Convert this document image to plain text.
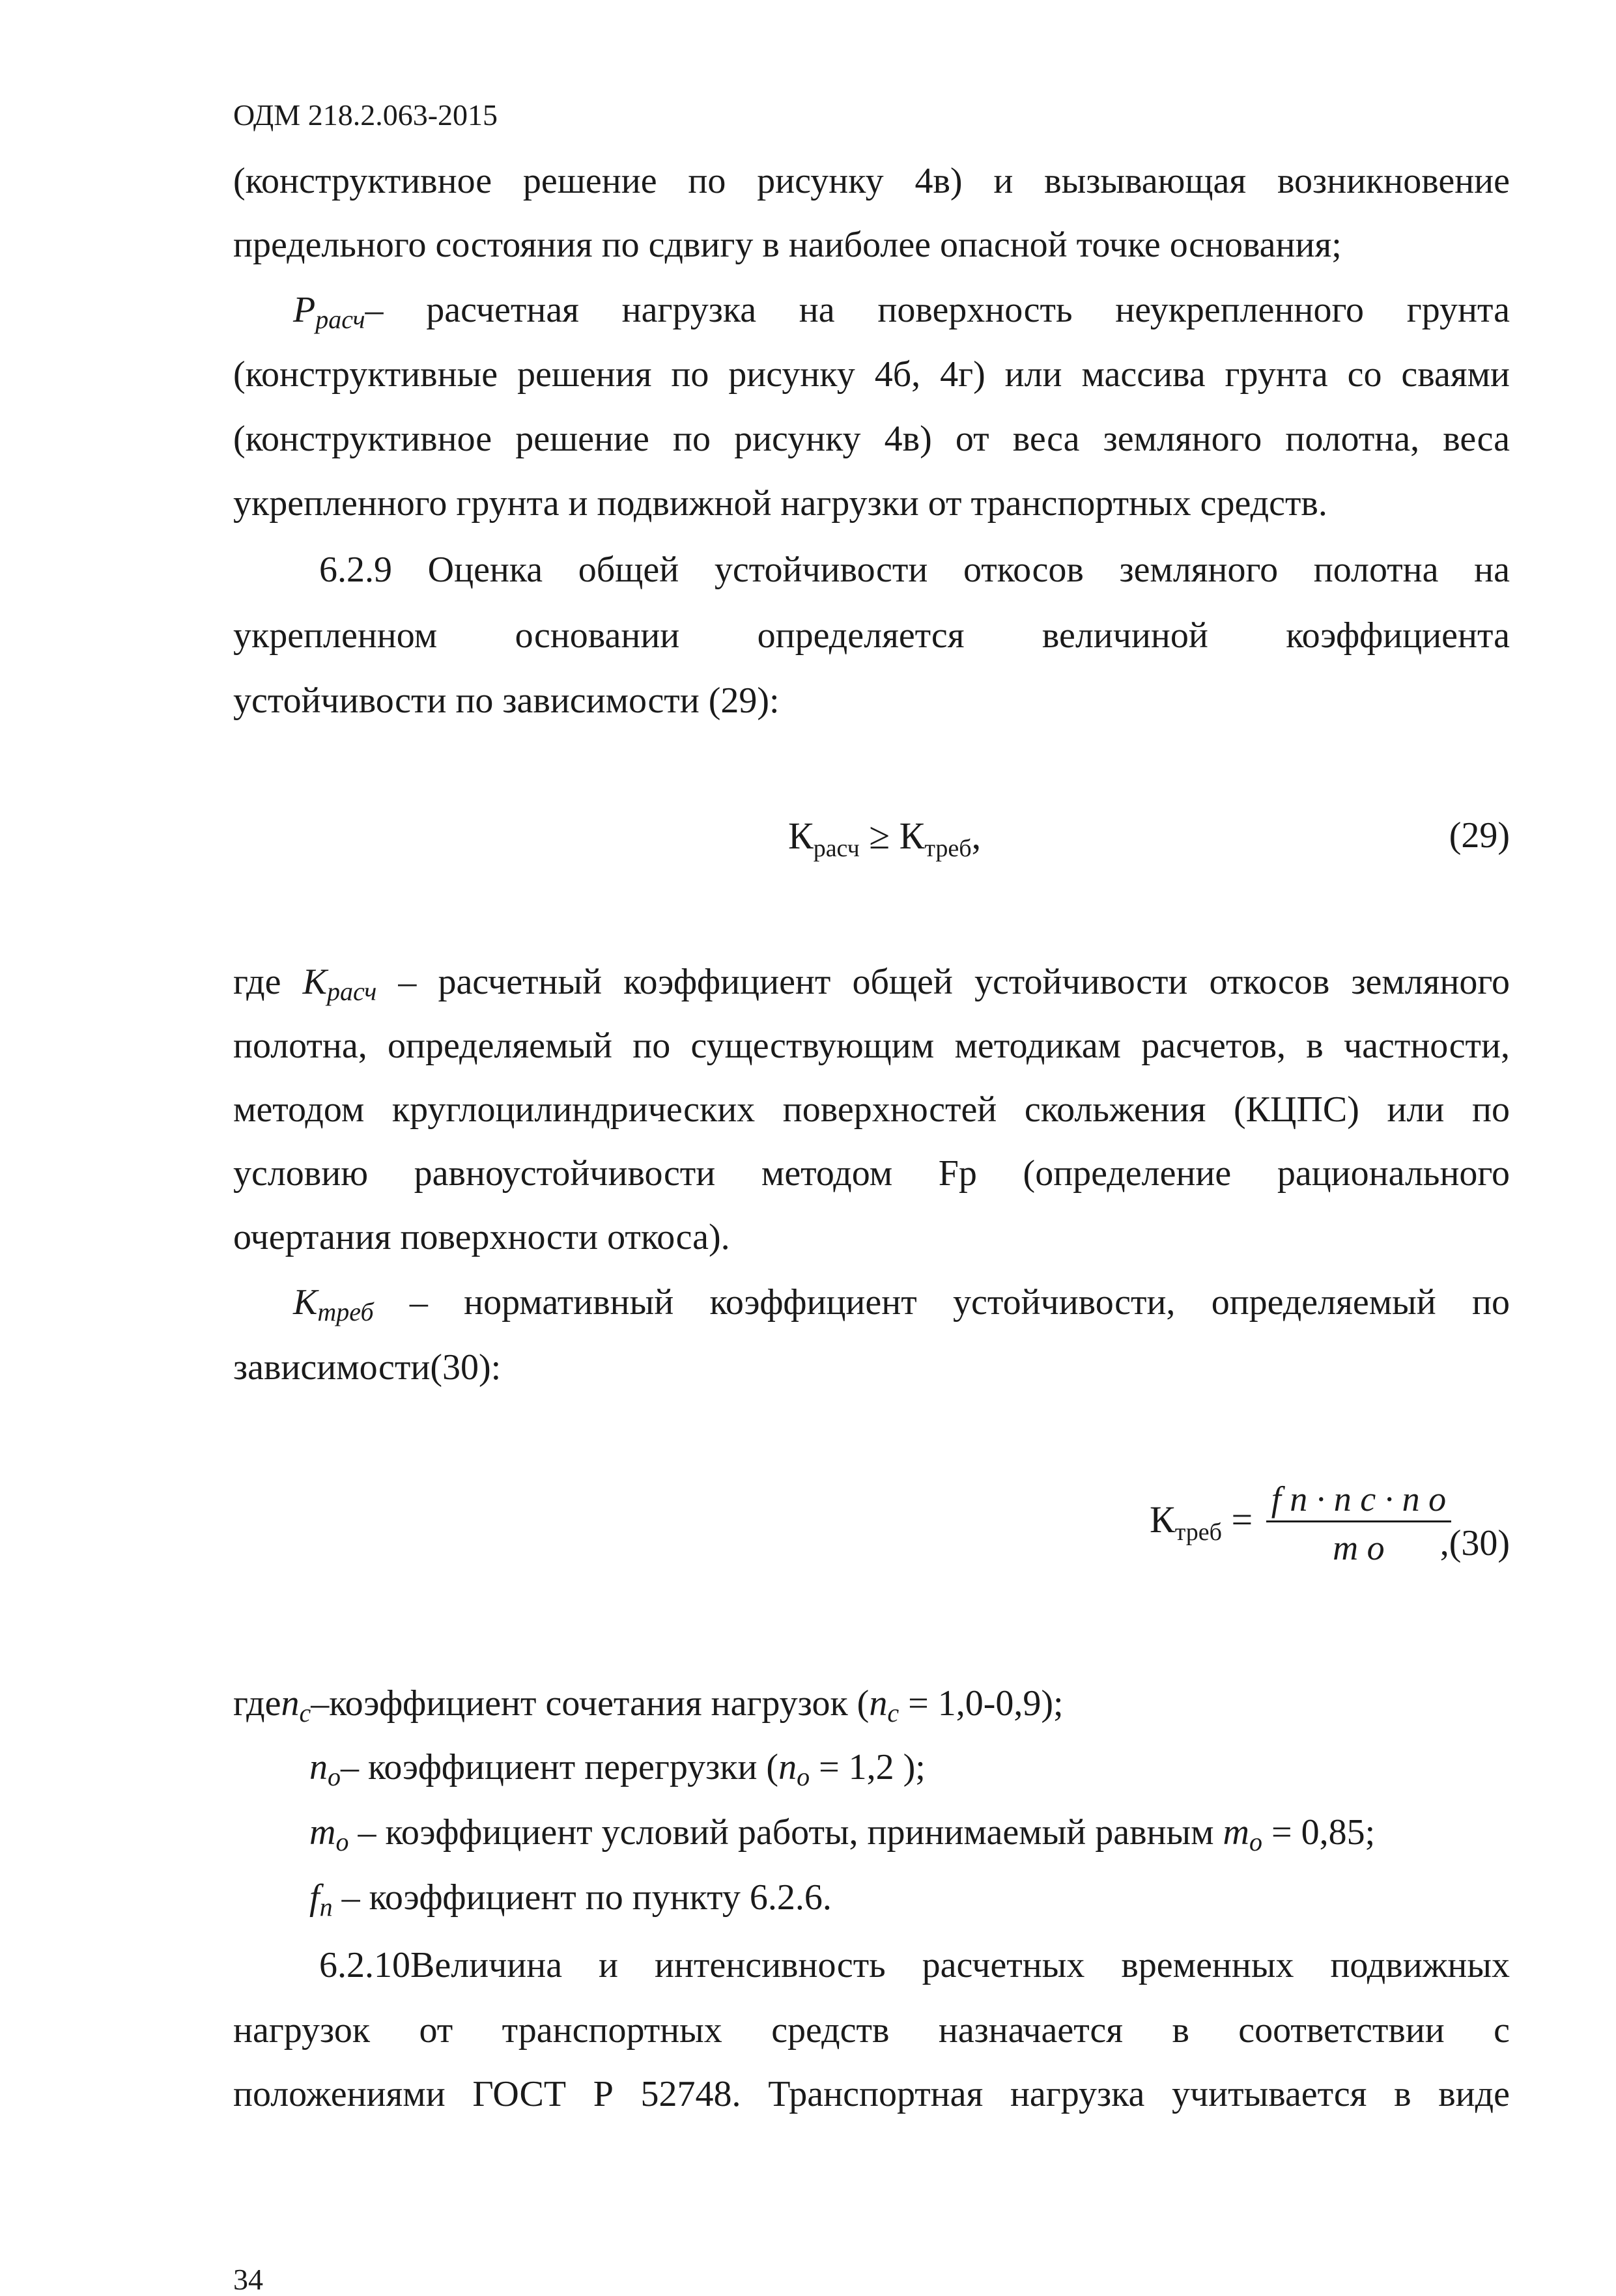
ОДМ 218.2.063-2015
(конструктивное решение по рисунку 4в) и вызывающая возникновение
предельного состояния по сдвигу в наиболее опасной точке основания;
$P_{расч}-$ расчетная нагрузка на поверхность неукрепленного грунта
(конструктивные решения по рисунку 4б, 4г) или массива грунта со сваями
(конструктивное решение по рисунку 4в) от веса земляного полотна, веса
укрепленного грунта и подвижной нагрузки от транспортных средств.
6.2.9 Оценка общей устойчивости откосов земляного полотна на
укрепленном основании определяется величиной коэффициента
устойчивости по зависимости (29):
$К_{расч} \ge К_{треб}$,	(29)
где $K_{расч}$ – расчетный коэффициент общей устойчивости откосов земляного
полотна, определяемый по существующим методикам расчетов, в частности,
методом круглоцилиндрических поверхностей скольжения (КЦПС) или по
условию равноустойчивости методом Fp (определение рационального
очертания поверхности откоса).
$K_{треб}$ – нормативный коэффициент устойчивости, определяемый по
зависимости(30):
$К_{треб} = \frac{\text{f n · n c · n o}}{\text{m o}}$
,(30)
гдеn$_c$–коэффициент сочетания нагрузок $(n_c = 1,0-0,9)$;
$n_o-$ коэффициент перегрузки ($n_o = 1,2$ );
$m_o$ – коэффициент условий работы, принимаемый равным $m_o = 0,85$;
$f_n$ – коэффициент по пункту 6.2.6.
6.2.10Величина и интенсивность расчетных временных подвижных
нагрузок от транспортных средств назначается в соответствии с
положениями ГОСТ Р 52748. Транспортная нагрузка учитывается в виде
34
